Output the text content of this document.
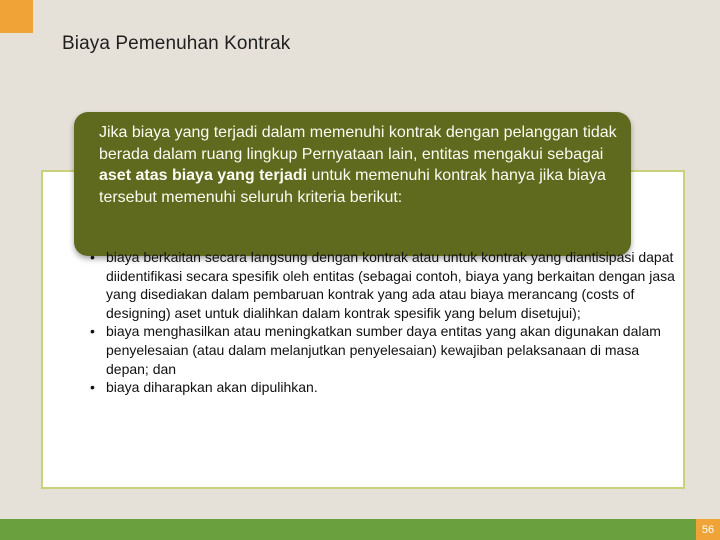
Biaya Pemenuhan Kontrak

Jika biaya yang terjadi dalam memenuhi kontrak dengan pelanggan tidak berada dalam ruang lingkup Pernyataan lain, entitas mengakui sebagai aset atas biaya yang terjadi untuk memenuhi kontrak hanya jika biaya tersebut memenuhi seluruh kriteria berikut:

• biaya berkaitan secara langsung dengan kontrak atau untuk kontrak yang diantisipasi dapat diidentifikasi secara spesifik oleh entitas (sebagai contoh, biaya yang berkaitan dengan jasa yang disediakan dalam pembaruan kontrak yang ada atau biaya merancang (costs of designing) aset untuk dialihkan dalam kontrak spesifik yang belum disetujui);
• biaya menghasilkan atau meningkatkan sumber daya entitas yang akan digunakan dalam penyelesaian (atau dalam melanjutkan penyelesaian) kewajiban pelaksanaan di masa depan; dan
• biaya diharapkan akan dipulihkan.
56
